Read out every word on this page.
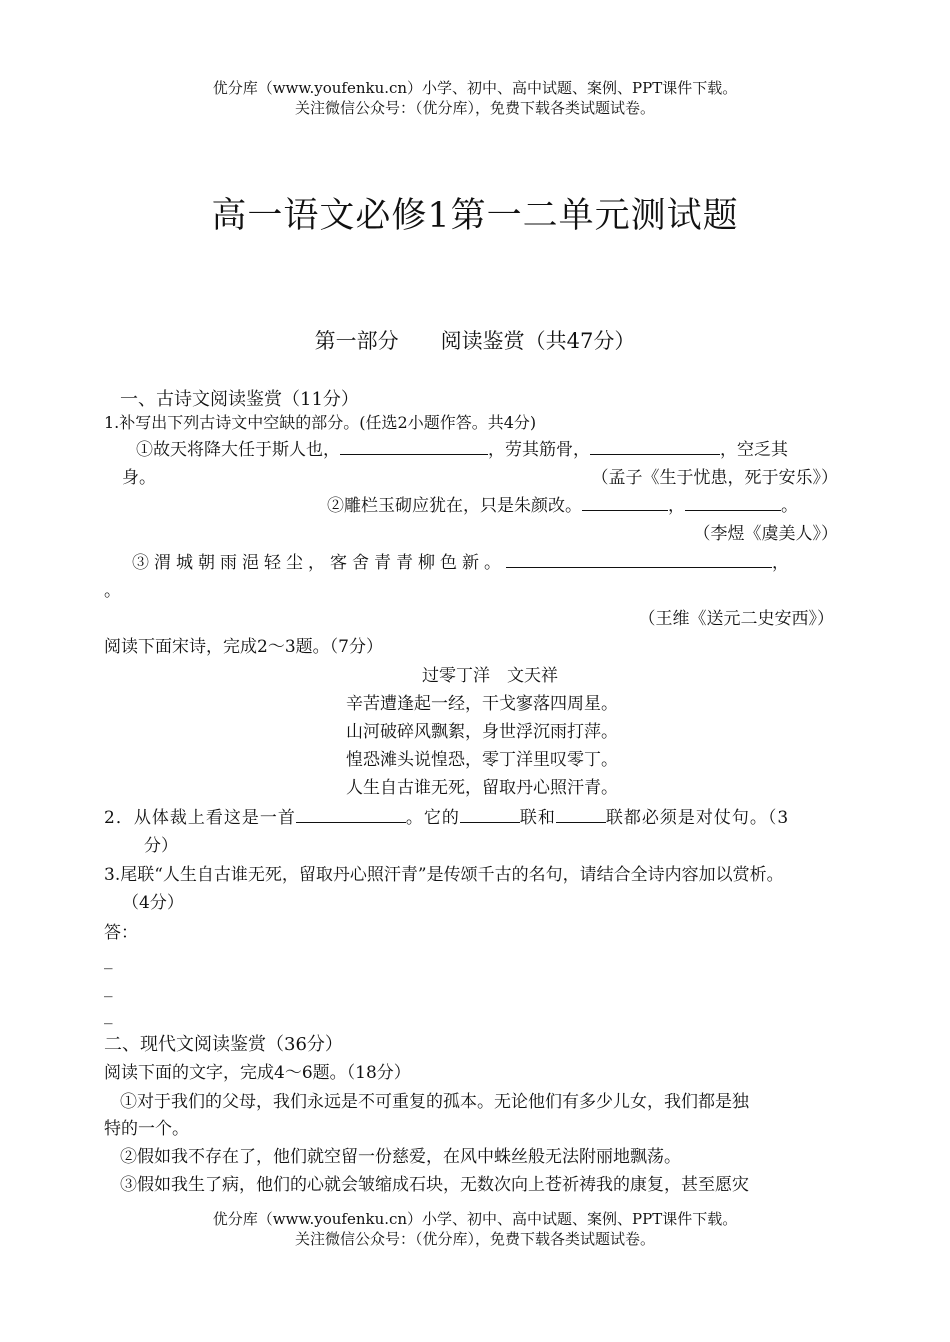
优分库（www.youfenku.cn）小学、初中、高中试题、案例、PPT课件下载。
关注微信公众号：（优分库），免费下载各类试题试卷。
高一语文必修1第一二单元测试题
第一部分　　阅读鉴赏（共47分）
一、古诗文阅读鉴赏（11分）
1.补写出下列古诗文中空缺的部分。(任选2小题作答。共4分)
①故天将降大任于斯人也，	，劳其筋骨，	，空乏其
身。	（孟子《生于忧患，死于安乐》）
②雕栏玉砌应犹在，只是朱颜改。	，	。
（李煜《虞美人》）
③渭城朝雨浥轻尘，客舍青青柳色新。	，
。
（王维《送元二史安西》）
阅读下面宋诗，完成2～3题。（7分）
过零丁洋　文天祥
辛苦遭逢起一经，干戈寥落四周星。
山河破碎风飘絮，身世浮沉雨打萍。
惶恐滩头说惶恐，零丁洋里叹零丁。
人生自古谁无死，留取丹心照汗青。
2．从体裁上看这是一首	。它的	联和	联都必须是对仗句。（3
分）
3.尾联“人生自古谁无死，留取丹心照汗青”是传颂千古的名句，请结合全诗内容加以赏析。
（4分）
答：
_
_
_
二、现代文阅读鉴赏（36分）
阅读下面的文字，完成4～6题。（18分）
①对于我们的父母，我们永远是不可重复的孤本。无论他们有多少儿女，我们都是独
特的一个。
②假如我不存在了，他们就空留一份慈爱，在风中蛛丝般无法附丽地飘荡。
③假如我生了病，他们的心就会皱缩成石块，无数次向上苍祈祷我的康复，甚至愿灾
优分库（www.youfenku.cn）小学、初中、高中试题、案例、PPT课件下载。
关注微信公众号：（优分库），免费下载各类试题试卷。
